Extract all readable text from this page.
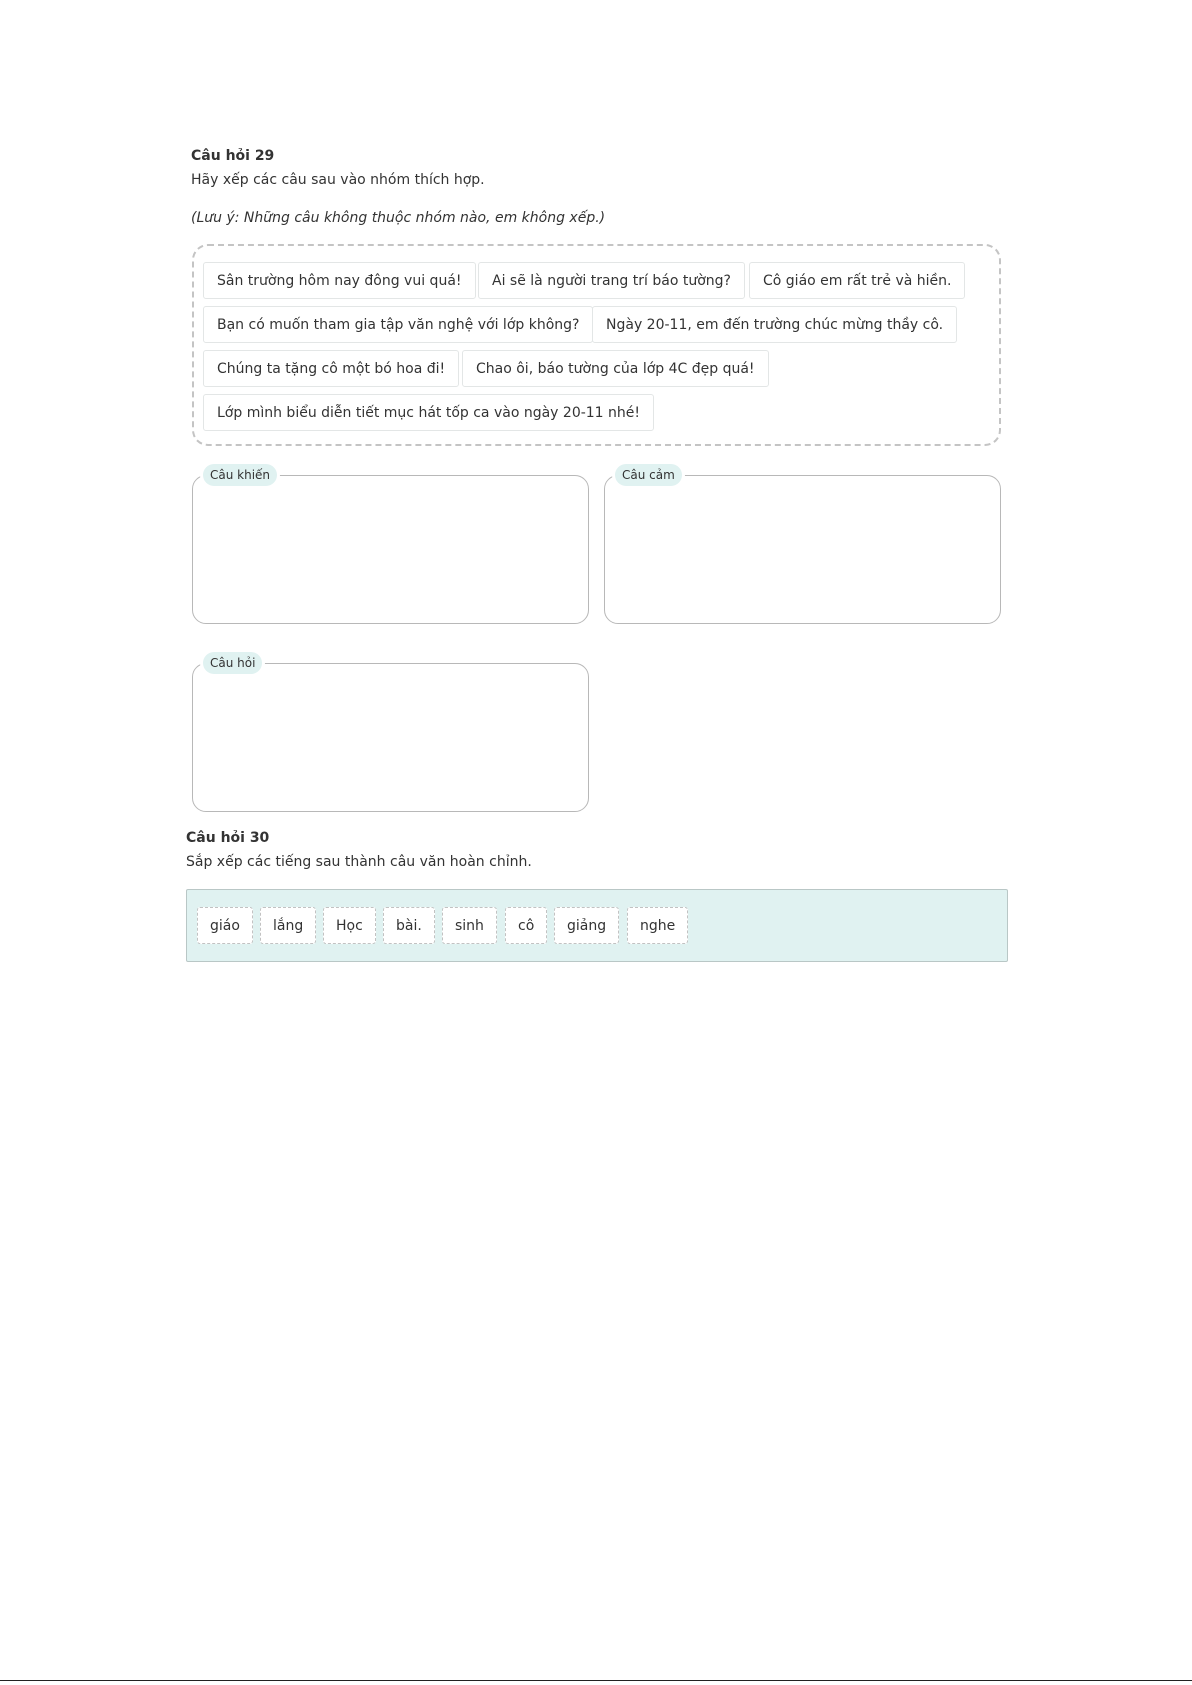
Câu hỏi 29
Hãy xếp các câu sau vào nhóm thích hợp.
(Lưu ý: Những câu không thuộc nhóm nào, em không xếp.)
Sân trường hôm nay đông vui quá!	Ai sẽ là người trang trí báo tường?	Cô giáo em rất trẻ và hiền.
Bạn có muốn tham gia tập văn nghệ với lớp không?	Ngày 20-11, em đến trường chúc mừng thầy cô.
Chúng ta tặng cô một bó hoa đi!	Chao ôi, báo tường của lớp 4C đẹp quá!
Lớp mình biểu diễn tiết mục hát tốp ca vào ngày 20-11 nhé!
Câu khiến	Câu cảm
Câu hỏi
Câu hỏi 30
Sắp xếp các tiếng sau thành câu văn hoàn chỉnh.
giáo	lắng	Học	bài.	sinh	cô	giảng	nghe
